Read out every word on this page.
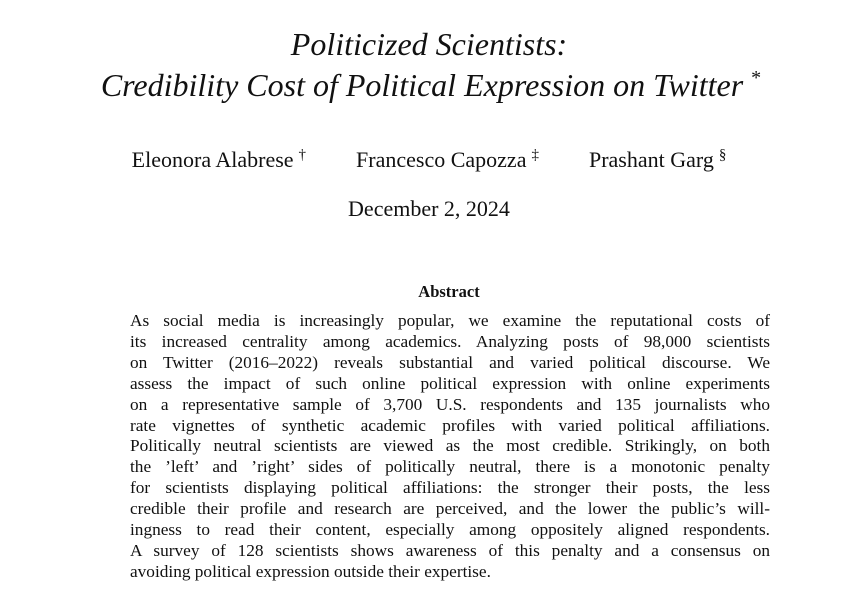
Politicized Scientists:
Credibility Cost of Political Expression on Twitter *
Eleonora Alabrese † Francesco Capozza ‡ Prashant Garg §
December 2, 2024
Abstract
As social media is increasingly popular, we examine the reputational costs of
its increased centrality among academics. Analyzing posts of 98,000 scientists
on Twitter (2016–2022) reveals substantial and varied political discourse. We
assess the impact of such online political expression with online experiments
on a representative sample of 3,700 U.S. respondents and 135 journalists who
rate vignettes of synthetic academic profiles with varied political affiliations.
Politically neutral scientists are viewed as the most credible. Strikingly, on both
the ’left’ and ’right’ sides of politically neutral, there is a monotonic penalty
for scientists displaying political affiliations: the stronger their posts, the less
credible their profile and research are perceived, and the lower the public’s will-
ingness to read their content, especially among oppositely aligned respondents.
A survey of 128 scientists shows awareness of this penalty and a consensus on
avoiding political expression outside their expertise.
